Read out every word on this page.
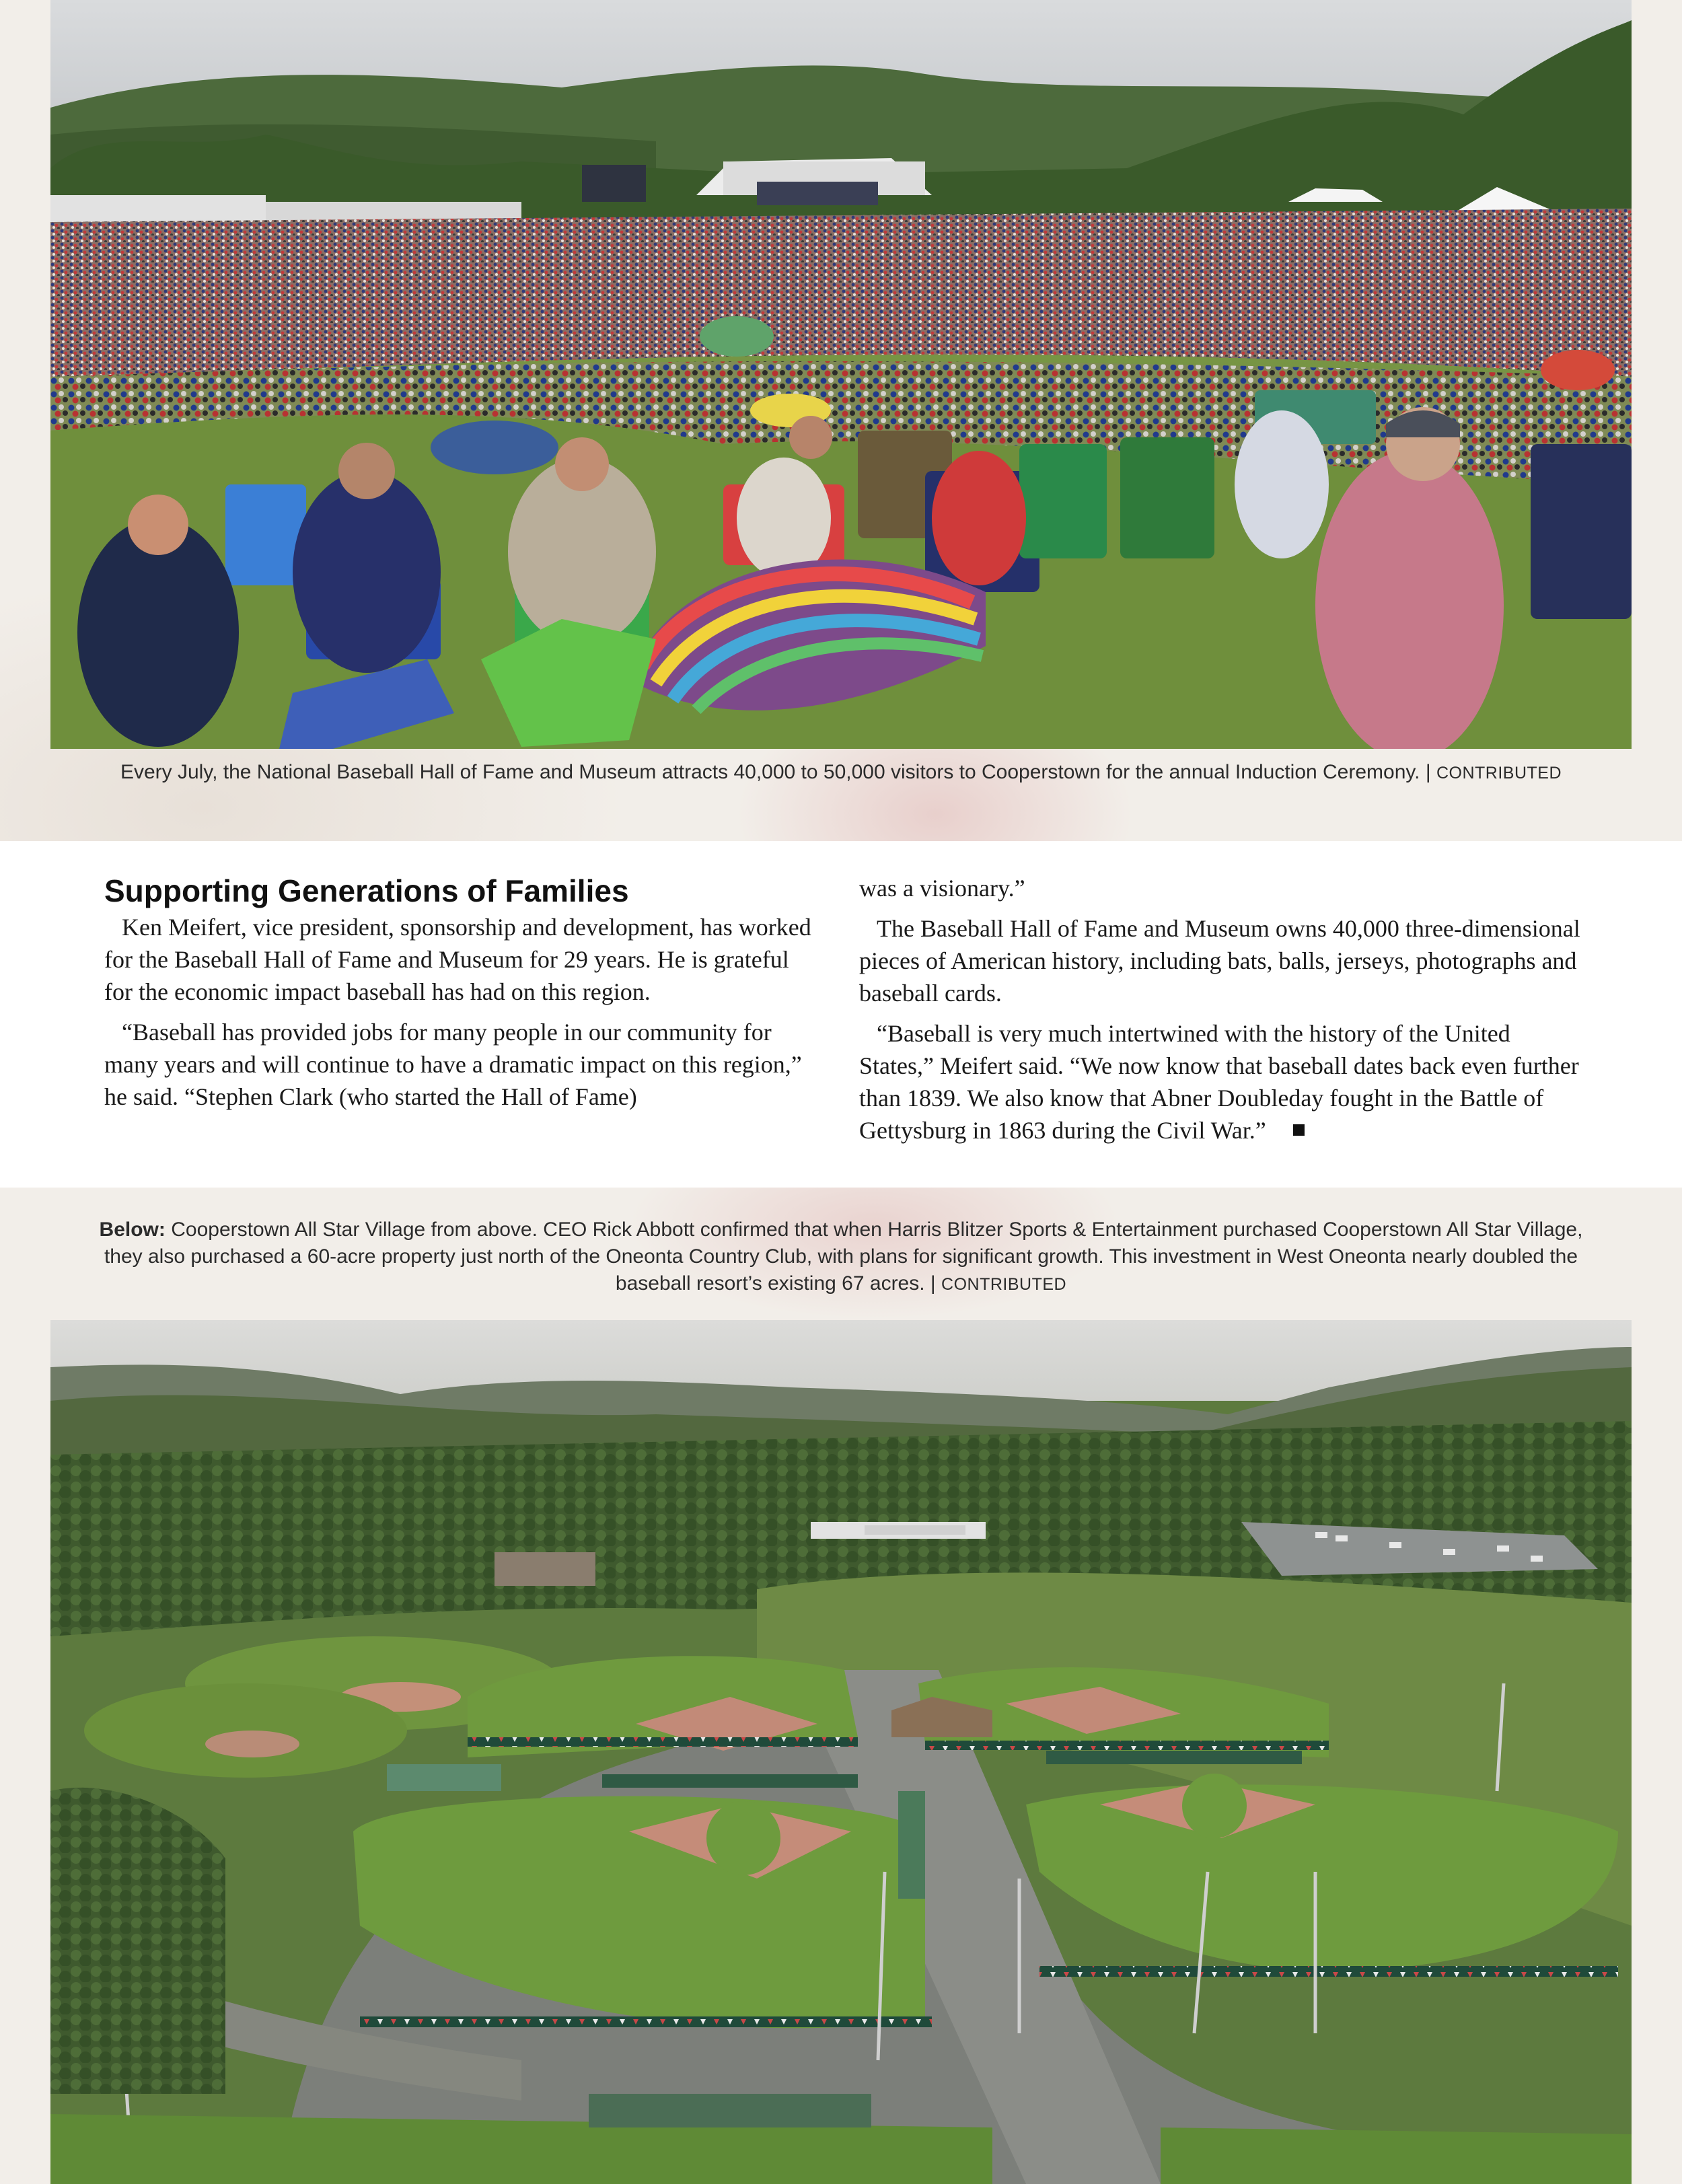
Every July, the National Baseball Hall of Fame and Museum attracts 40,000 to 50,000 visitors to Cooperstown for the annual Induction Ceremony. | CONTRIBUTED
Supporting Generations of Families

Ken Meifert, vice president, sponsorship and development, has worked for the Baseball Hall of Fame and Museum for 29 years. He is grateful for the economic impact baseball has had on this region.

“Baseball has provided jobs for many people in our community for many years and will continue to have a dramatic impact on this region,” he said. “Stephen Clark (who started the Hall of Fame)

was a visionary.”

The Baseball Hall of Fame and Museum owns 40,000 three-dimensional pieces of American history, including bats, balls, jerseys, photographs and baseball cards.

“Baseball is very much intertwined with the history of the United States,” Meifert said. “We now know that baseball dates back even further than 1839. We also know that Abner Doubleday fought in the Battle of Gettysburg in 1863 during the Civil War.”

Below: Cooperstown All Star Village from above. CEO Rick Abbott confirmed that when Harris Blitzer Sports & Entertainment purchased Cooperstown All Star Village, they also purchased a 60-acre property just north of the Oneonta Country Club, with plans for significant growth. This investment in West Oneonta nearly doubled the baseball resort’s existing 67 acres. | CONTRIBUTED
